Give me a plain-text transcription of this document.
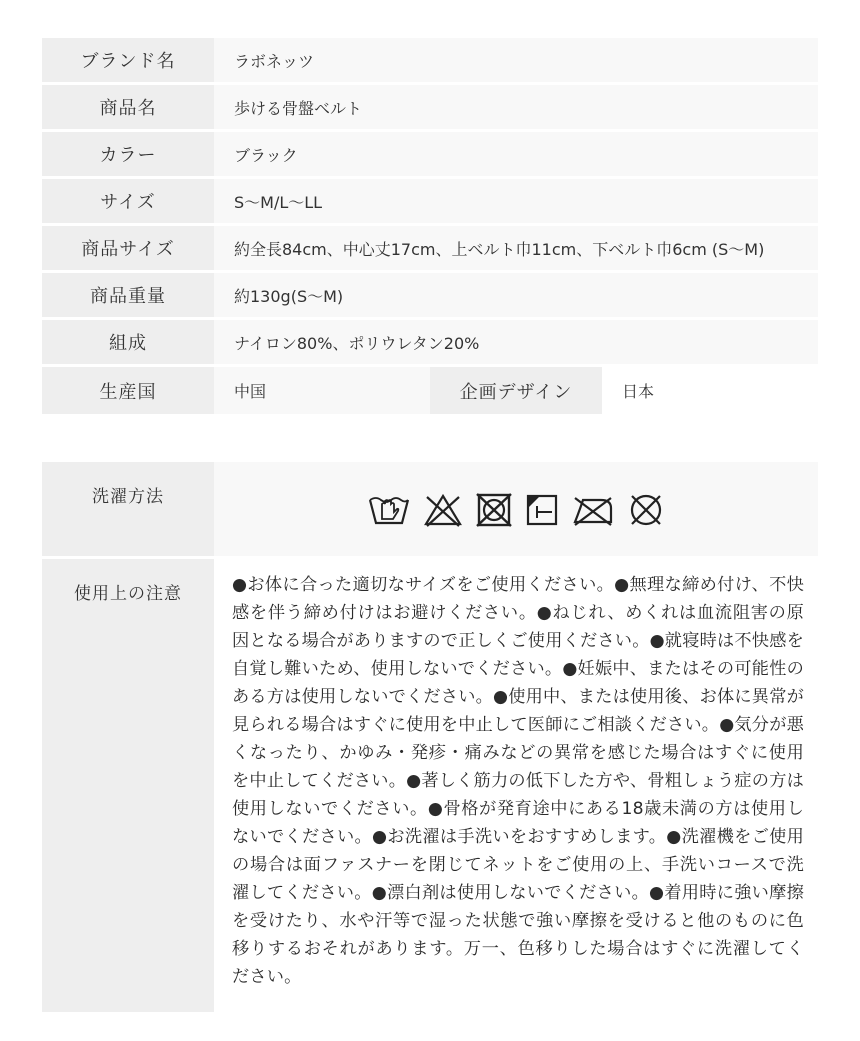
ブランド名	ラボネッツ
商品名	歩ける骨盤ベルト
カラー	ブラック
サイズ	S〜M/L〜LL
商品サイズ	約全長84cm、中心丈17cm、上ベルト巾11cm、下ベルト巾6cm (S〜M)
商品重量	約130g(S〜M)
組成	ナイロン80%、ポリウレタン20%
生産国	中国	企画デザイン	日本
洗濯方法
使用上の注意	●お体に合った適切なサイズをご使用ください。●無理な締め付け、不快感を伴う締め付けはお避けください。●ねじれ、めくれは血流阻害の原因となる場合がありますので正しくご使用ください。●就寝時は不快感を自覚し難いため、使用しないでください。●妊娠中、またはその可能性のある方は使用しないでください。●使用中、または使用後、お体に異常が見られる場合はすぐに使用を中止して医師にご相談ください。●気分が悪くなったり、かゆみ・発疹・痛みなどの異常を感じた場合はすぐに使用を中止してください。●著しく筋力の低下した方や、骨粗しょう症の方は使用しないでください。●骨格が発育途中にある18歳未満の方は使用しないでください。●お洗濯は手洗いをおすすめします。●洗濯機をご使用の場合は面ファスナーを閉じてネットをご使用の上、手洗いコースで洗濯してください。●漂白剤は使用しないでください。●着用時に強い摩擦を受けたり、水や汗等で湿った状態で強い摩擦を受けると他のものに色移りするおそれがあります。万一、色移りした場合はすぐに洗濯してください。
